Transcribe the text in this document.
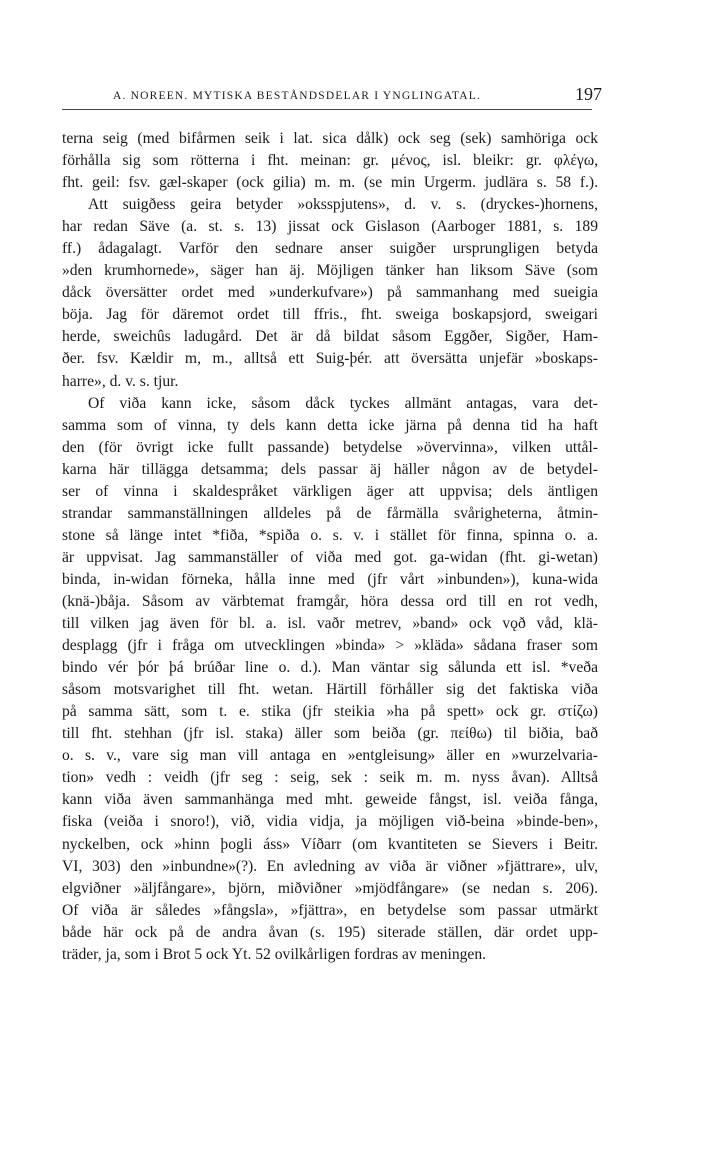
A. NOREEN. MYTISKA BESTÅNDSDELAR I YNGLINGATAL.	197
terna seig (med bifårmen seik i lat. sica dålk) ock seg (sek) samhöriga ock
förhålla sig som rötterna i fht. meinan: gr. μένος, isl. bleikr: gr. φλέγω,
fht. geil: fsv. gæl-skaper (ock gilia) m. m. (se min Urgerm. judlära s. 58 f.).
Att suigðess geira betyder »oksspjutens», d. v. s. (dryckes-)hornens,
har redan Säve (a. st. s. 13) jissat ock Gislason (Aarboger 1881, s. 189
ff.) ådagalagt. Varför den sednare anser suigðer ursprungligen betyda
»den krumhornede», säger han äj. Möjligen tänker han liksom Säve (som
dåck översätter ordet med »underkufvare») på sammanhang med sueigia
böja. Jag för däremot ordet till ffris., fht. sweiga boskapsjord, sweigari
herde, sweichûs ladugård. Det är då bildat såsom Eggðer, Sigðer, Ham-
ðer. fsv. Kældir m, m., alltså ett Suig-þér. att översätta unjefär »boskaps-
harre», d. v. s. tjur.
Of viða kann icke, såsom dåck tyckes allmänt antagas, vara det-
samma som of vinna, ty dels kann detta icke järna på denna tid ha haft
den (för övrigt icke fullt passande) betydelse »övervinna», vilken uttål-
karna här tillägga detsamma; dels passar äj häller någon av de betydel-
ser of vinna i skaldespråket värkligen äger att uppvisa; dels äntligen
strandar sammanställningen alldeles på de fårmälla svårigheterna, åtmin-
stone så länge intet *fiða, *spiða o. s. v. i stället för finna, spinna o. a.
är uppvisat. Jag sammanställer of viða med got. ga-widan (fht. gi-wetan)
binda, in-widan förneka, hålla inne med (jfr vårt »inbunden»), kuna-wida
(knä-)båja. Såsom av värbtemat framgår, höra dessa ord till en rot vedh,
till vilken jag även för bl. a. isl. vaðr metrev, »band» ock vǫð våd, klä-
desplagg (jfr i fråga om utvecklingen »binda» > »kläda» sådana fraser som
bindo vér þór þá brúðar line o. d.). Man väntar sig sålunda ett isl. *veða
såsom motsvarighet till fht. wetan. Härtill förhåller sig det faktiska viða
på samma sätt, som t. e. stika (jfr steikia »ha på spett» ock gr. στίζω)
till fht. stehhan (jfr isl. staka) äller som beiða (gr. πείθω) til biðia, bað
o. s. v., vare sig man vill antaga en »entgleisung» äller en »wurzelvaria-
tion» vedh : veidh (jfr seg : seig, sek : seik m. m. nyss åvan). Alltså
kann viða även sammanhänga med mht. geweide fångst, isl. veiða fånga,
fiska (veiða i snoro!), við, vidia vidja, ja möjligen við-beina »binde-ben»,
nyckelben, ock »hinn þogli áss» Víðarr (om kvantiteten se Sievers i Beitr.
VI, 303) den »inbundne»(?). En avledning av viða är viðner »fjättrare», ulv,
elgviðner »äljfångare», björn, miðviðner »mjödfångare» (se nedan s. 206).
Of viða är således »fångsla», »fjättra», en betydelse som passar utmärkt
både här ock på de andra åvan (s. 195) siterade ställen, där ordet upp-
träder, ja, som i Brot 5 ock Yt. 52 ovilkårligen fordras av meningen.
